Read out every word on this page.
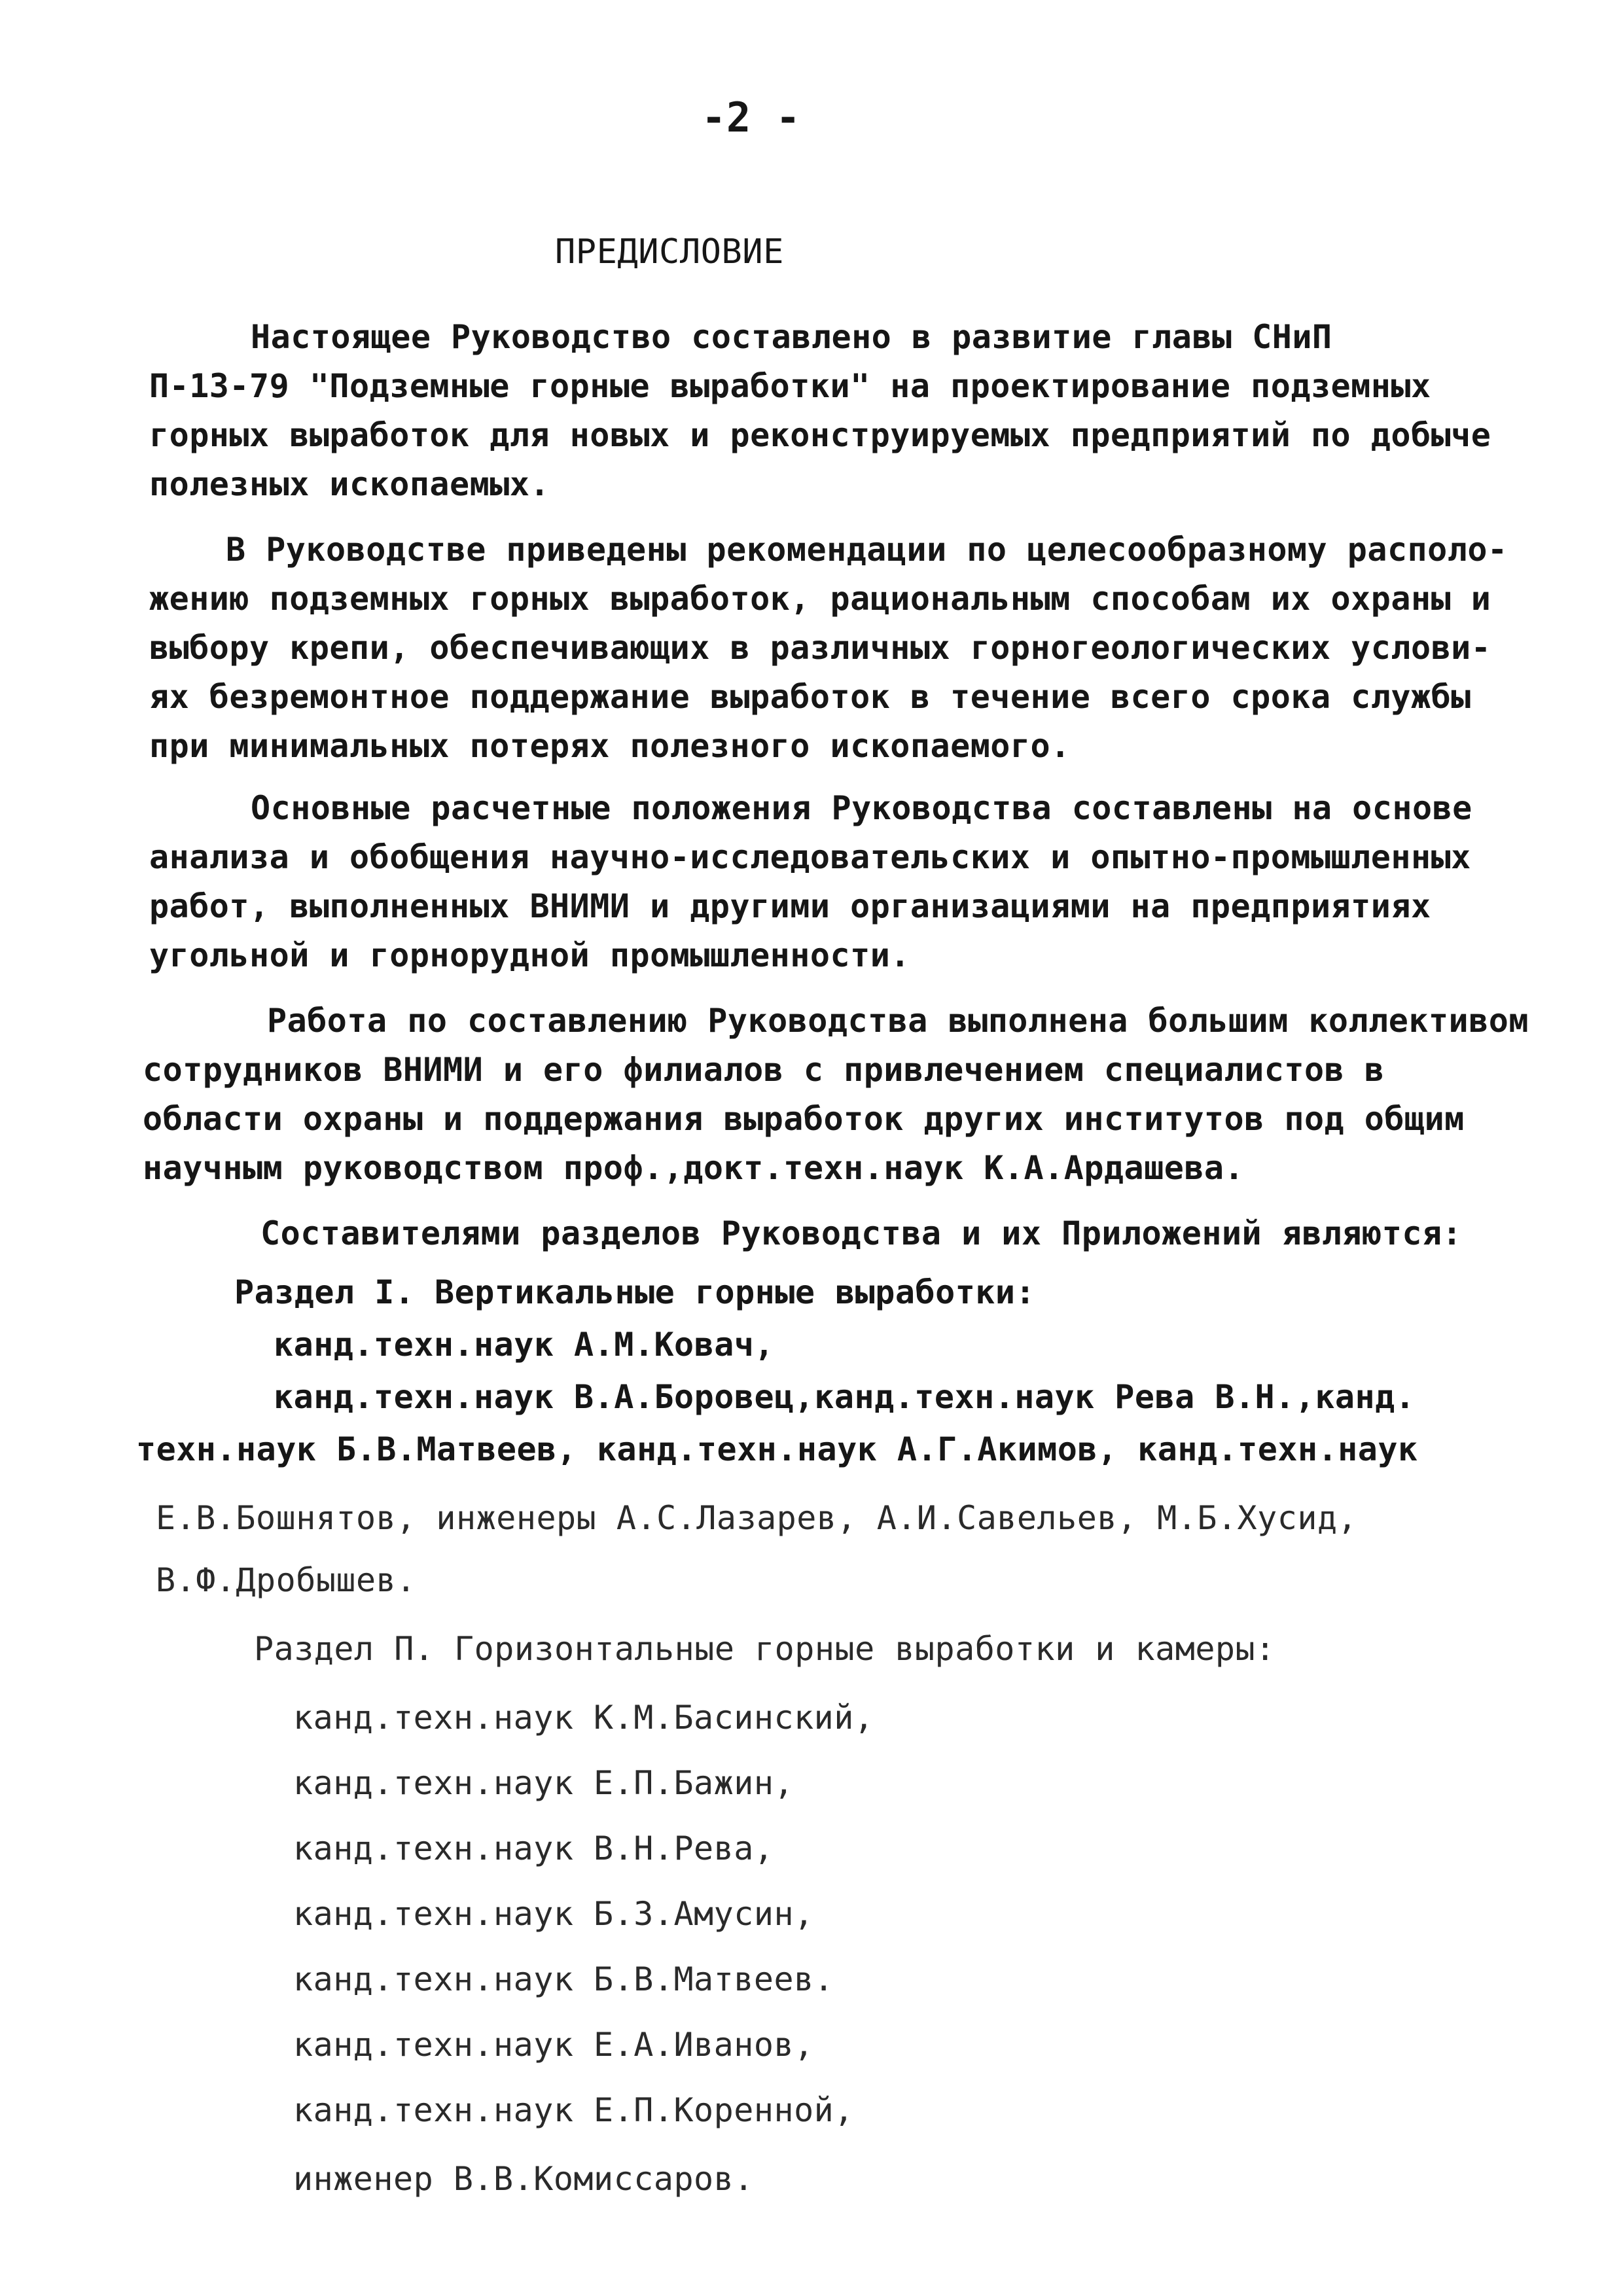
-2 -
ПРЕДИСЛОВИЕ
Настоящее Руководство составлено в развитие главы СНиП
П-13-79 "Подземные горные выработки" на проектирование подземных
горных выработок для новых и реконструируемых предприятий по добыче
полезных ископаемых.
В Руководстве приведены рекомендации по целесообразному располо-
жению подземных горных выработок, рациональным способам их охраны и
выбору крепи, обеспечивающих в различных горногеологических услови-
ях безремонтное поддержание выработок в течение всего срока службы
при минимальных потерях полезного ископаемого.
Основные расчетные положения Руководства составлены на основе
анализа и обобщения научно-исследовательских и опытно-промышленных
работ, выполненных ВНИМИ и другими организациями на предприятиях
угольной и горнорудной промышленности.
Работа по составлению Руководства выполнена большим коллективом
сотрудников ВНИМИ и его филиалов с привлечением специалистов в
области охраны и поддержания выработок других институтов под общим
научным руководством проф.,докт.техн.наук К.А.Ардашева.
Составителями разделов Руководства и их Приложений являются:
Раздел I. Вертикальные горные выработки:
канд.техн.наук А.М.Ковач,
канд.техн.наук В.А.Боровец,канд.техн.наук Рева В.Н.,канд.
техн.наук Б.В.Матвеев, канд.техн.наук А.Г.Акимов, канд.техн.наук
Е.В.Бошнятов, инженеры А.С.Лазарев, А.И.Савельев, М.Б.Хусид,
В.Ф.Дробышев.
Раздел П. Горизонтальные горные выработки и камеры:
канд.техн.наук К.М.Басинский,
канд.техн.наук Е.П.Бажин,
канд.техн.наук В.Н.Рева,
канд.техн.наук Б.З.Амусин,
канд.техн.наук Б.В.Матвеев.
канд.техн.наук Е.А.Иванов,
канд.техн.наук Е.П.Коренной,
инженер В.В.Комиссаров.
